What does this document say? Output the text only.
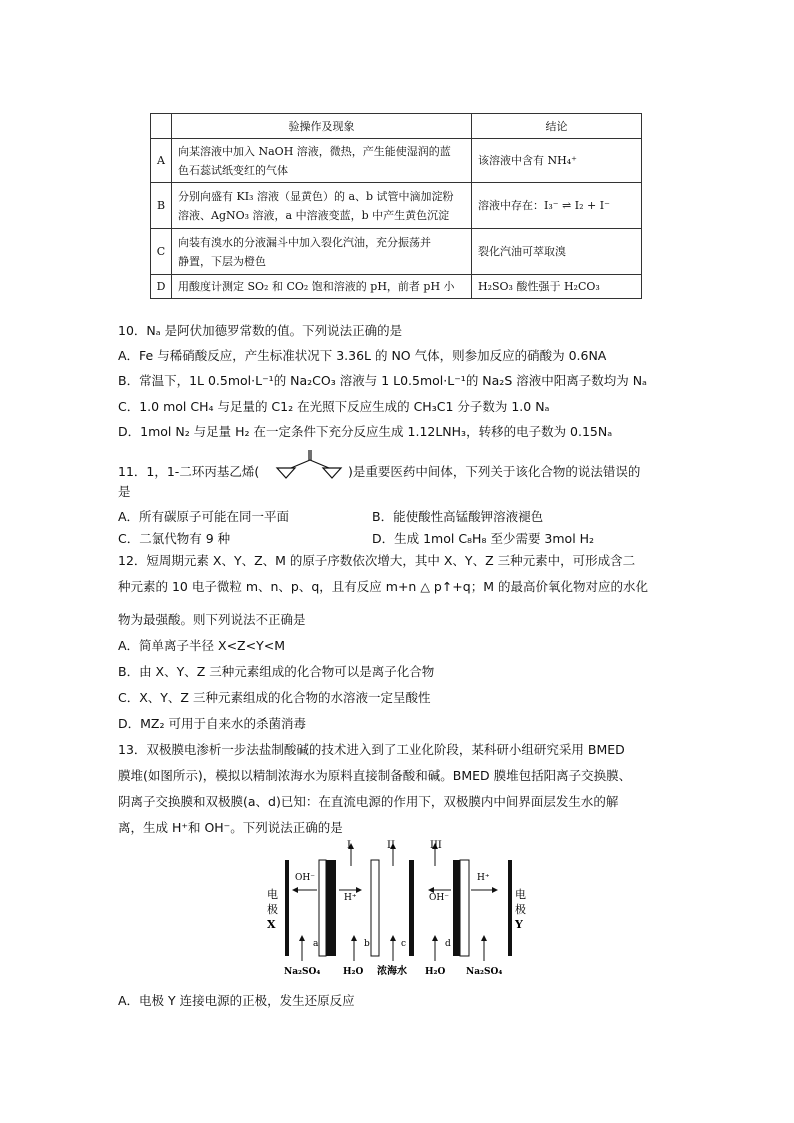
	验操作及现象	结论
A	向某溶液中加入 NaOH 溶液，微热，产生能使湿润的蓝
色石蕊试纸变红的气体	该溶液中含有 NH₄⁺
B	分别向盛有 KI₃ 溶液（显黄色）的 a、b 试管中滴加淀粉
溶液、AgNO₃ 溶液，a 中溶液变蓝，b 中产生黄色沉淀	溶液中存在：I₃⁻ ⇌ I₂ + I⁻
C	向装有溴水的分液漏斗中加入裂化汽油，充分振荡并
静置，下层为橙色	裂化汽油可萃取溴
D	用酸度计测定 SO₂ 和 CO₂ 饱和溶液的 pH，前者 pH 小	H₂SO₃ 酸性强于 H₂CO₃
10．Nₐ 是阿伏加德罗常数的值。下列说法正确的是
A．Fe 与稀硝酸反应，产生标准状况下 3.36L 的 NO 气体，则参加反应的硝酸为 0.6NA
B．常温下，1L 0.5mol·L⁻¹的 Na₂CO₃ 溶液与 1 L0.5mol·L⁻¹的 Na₂S 溶液中阳离子数均为 Nₐ
C．1.0 mol CH₄ 与足量的 C1₂ 在光照下反应生成的 CH₃C1 分子数为 1.0 Nₐ
D．1mol N₂ 与足量 H₂ 在一定条件下充分反应生成 1.12LNH₃，转移的电子数为 0.15Nₐ
11．1，1-二环丙基乙烯(	)是重要医药中间体，下列关于该化合物的说法错误的
是
A．所有碳原子可能在同一平面	B．能使酸性高锰酸钾溶液褪色
C．二氯代物有 9 种	D．生成 1mol C₈H₈ 至少需要 3mol H₂
12．短周期元素 X、Y、Z、M 的原子序数依次增大，其中 X、Y、Z 三种元素中，可形成含二
种元素的 10 电子微粒 m、n、p、q，且有反应 m+n △ p↑+q；M 的最高价氧化物对应的水化
物为最强酸。则下列说法不正确是
A．简单离子半径 X<Z<Y<M
B．由 X、Y、Z 三种元素组成的化合物可以是离子化合物
C．X、Y、Z 三种元素组成的化合物的水溶液一定呈酸性
D．MZ₂ 可用于自来水的杀菌消毒
13．双极膜电渗析一步法盐制酸碱的技术进入到了工业化阶段，某科研小组研究采用 BMED
膜堆(如图所示)，模拟以精制浓海水为原料直接制备酸和碱。BMED 膜堆包括阳离子交换膜、
阴离子交换膜和双极膜(a、d)已知：在直流电源的作用下，双极膜内中间界面层发生水的解
离，生成 H⁺和 OH⁻。下列说法正确的是
电
极
X
电
极
Y
I	II	III
OH⁻
H⁺	OH⁻
H⁺
a	b	c	d
Na₂SO₄	H₂O 浓海水 H₂O Na₂SO₄
A．电极 Y 连接电源的正极，发生还原反应
